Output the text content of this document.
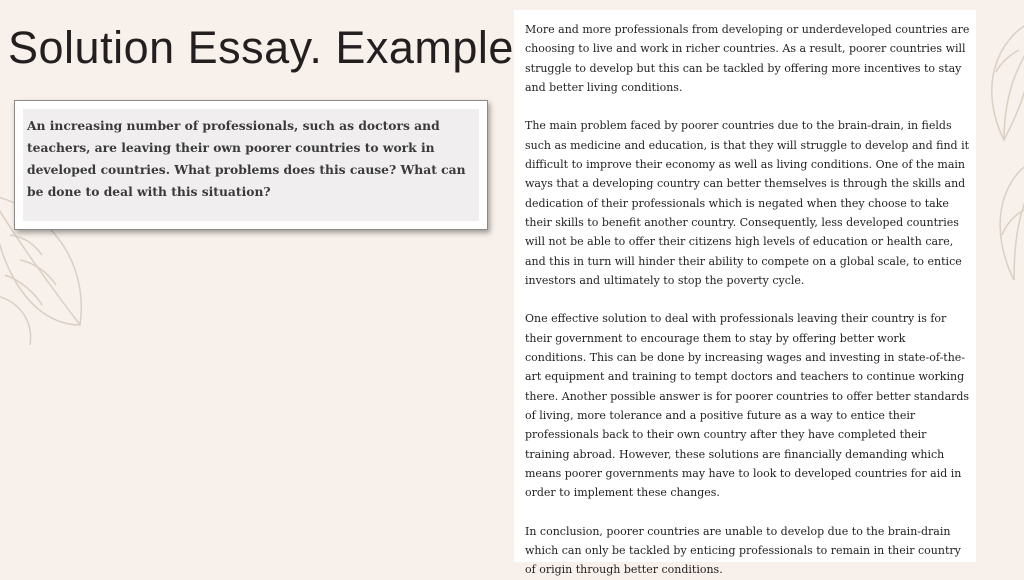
Solution Essay. Example
An increasing number of professionals, such as doctors and teachers, are leaving their own poorer countries to work in developed countries. What problems does this cause? What can be done to deal with this situation?

More and more professionals from developing or underdeveloped countries are choosing to live and work in richer countries. As a result, poorer countries will struggle to develop but this can be tackled by offering more incentives to stay and better living conditions.

The main problem faced by poorer countries due to the brain-drain, in fields such as medicine and education, is that they will struggle to develop and find it difficult to improve their economy as well as living conditions. One of the main ways that a developing country can better themselves is through the skills and dedication of their professionals which is negated when they choose to take their skills to benefit another country. Consequently, less developed countries will not be able to offer their citizens high levels of education or health care, and this in turn will hinder their ability to compete on a global scale, to entice investors and ultimately to stop the poverty cycle.

One effective solution to deal with professionals leaving their country is for their government to encourage them to stay by offering better work conditions. This can be done by increasing wages and investing in state-of-the-art equipment and training to tempt doctors and teachers to continue working there. Another possible answer is for poorer countries to offer better standards of living, more tolerance and a positive future as a way to entice their professionals back to their own country after they have completed their training abroad. However, these solutions are financially demanding which means poorer governments may have to look to developed countries for aid in order to implement these changes.

In conclusion, poorer countries are unable to develop due to the brain-drain which can only be tackled by enticing professionals to remain in their country of origin through better conditions.
